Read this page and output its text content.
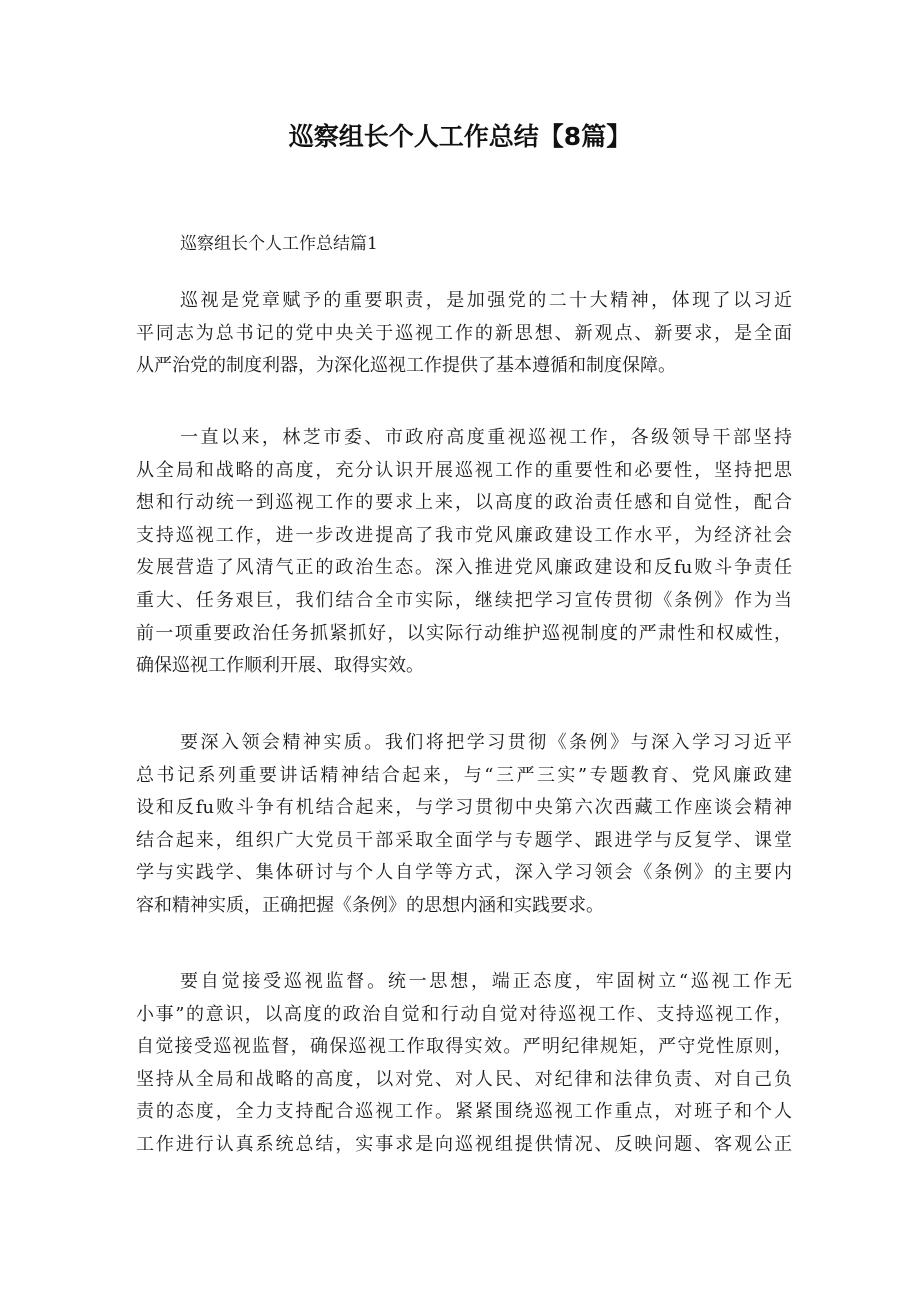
巡察组长个人工作总结【8篇】
巡察组长个人工作总结篇1
巡视是党章赋予的重要职责，是加强党的二十大精神，体现了以习近
平同志为总书记的党中央关于巡视工作的新思想、新观点、新要求，是全面
从严治党的制度利器，为深化巡视工作提供了基本遵循和制度保障。
一直以来，林芝市委、市政府高度重视巡视工作，各级领导干部坚持
从全局和战略的高度，充分认识开展巡视工作的重要性和必要性，坚持把思
想和行动统一到巡视工作的要求上来，以高度的政治责任感和自觉性，配合
支持巡视工作，进一步改进提高了我市党风廉政建设工作水平，为经济社会
发展营造了风清气正的政治生态。深入推进党风廉政建设和反fu败斗争责任
重大、任务艰巨，我们结合全市实际，继续把学习宣传贯彻《条例》作为当
前一项重要政治任务抓紧抓好，以实际行动维护巡视制度的严肃性和权威性，
确保巡视工作顺利开展、取得实效。
要深入领会精神实质。我们将把学习贯彻《条例》与深入学习习近平
总书记系列重要讲话精神结合起来，与“三严三实”专题教育、党风廉政建
设和反fu败斗争有机结合起来，与学习贯彻中央第六次西藏工作座谈会精神
结合起来，组织广大党员干部采取全面学与专题学、跟进学与反复学、课堂
学与实践学、集体研讨与个人自学等方式，深入学习领会《条例》的主要内
容和精神实质，正确把握《条例》的思想内涵和实践要求。
要自觉接受巡视监督。统一思想，端正态度，牢固树立“巡视工作无
小事”的意识，以高度的政治自觉和行动自觉对待巡视工作、支持巡视工作，
自觉接受巡视监督，确保巡视工作取得实效。严明纪律规矩，严守党性原则，
坚持从全局和战略的高度，以对党、对人民、对纪律和法律负责、对自己负
责的态度，全力支持配合巡视工作。紧紧围绕巡视工作重点，对班子和个人
工作进行认真系统总结，实事求是向巡视组提供情况、反映问题、客观公正
